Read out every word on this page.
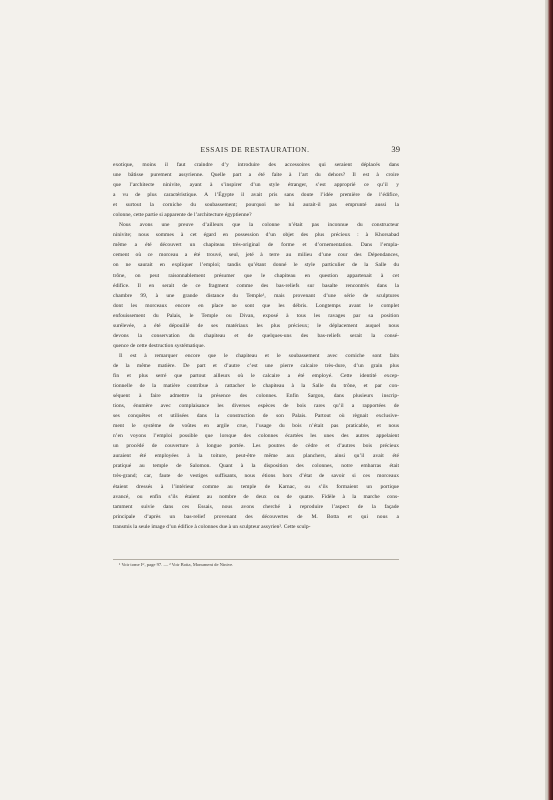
ESSAIS DE RESTAURATION.	39
exotique, moins il faut craindre d’y introduire des accessoires qui seraient déplacés dans
une bâtisse purement assyrienne. Quelle part a été faite à l’art du dehors? Il est à croire
que l’architecte ninivite, ayant à s’inspirer d’un style étranger, s’est approprié ce qu’il y
a vu de plus caractéristique. A l’Égypte il avait pris sans doute l’idée première de l’édifice,
et surtout la corniche du soubassement; pourquoi ne lui aurait-il pas emprunté aussi la
colonne, cette partie si apparente de l’architecture égyptienne?
Nous avons une preuve d’ailleurs que la colonne n’était pas inconnue du constructeur
ninivite; nous sommes à cet égard en possession d’un objet des plus précieux : à Khorsabad
même a été découvert un chapiteau très-original de forme et d’ornementation. Dans l’empla-
cement où ce morceau a été trouvé, seul, jeté à terre au milieu d’une cour des Dépendances,
on ne saurait en expliquer l’emploi; tandis qu’étant donné le style particulier de la Salle du
trône, on peut raisonnablement présumer que le chapiteau en question appartenait à cet
édifice. Il en serait de ce fragment comme des bas-reliefs sur basalte rencontrés dans la
chambre 99, à une grande distance du Temple¹, mais provenant d’une série de sculptures
dont les morceaux encore en place ne sont que les débris. Longtemps avant le complet
enfouissement du Palais, le Temple ou Divan, exposé à tous les ravages par sa position
surélevée, a été dépouillé de ses matériaux les plus précieux; le déplacement auquel nous
devons la conservation du chapiteau et de quelques-uns des bas-reliefs serait la consé-
quence de cette destruction systématique.
Il est à remarquer encore que le chapiteau et le soubassement avec corniche sont faits
de la même matière. De part et d’autre c’est une pierre calcaire très-dure, d’un grain plus
fin et plus serré que partout ailleurs où le calcaire a été employé. Cette identité excep-
tionnelle de la matière contribue à rattacher le chapiteau à la Salle du trône, et par con-
séquent à faire admettre la présence des colonnes. Enfin Sargon, dans plusieurs inscrip-
tions, énumère avec complaisance les diverses espèces de bois rares qu’il a rapportées de
ses conquêtes et utilisées dans la construction de son Palais. Partout où règnait exclusive-
ment le système de voûtes en argile crue, l’usage du bois n’était pas praticable, et nous
n’en voyons l’emploi possible que lorsque des colonnes écartées les unes des autres appelaient
un procédé de couverture à longue portée. Les poutres de cèdre et d’autres bois précieux
auraient été employées à la toiture, peut-être même aux planchers, ainsi qu’il avait été
pratiqué au temple de Salomon. Quant à la disposition des colonnes, notre embarras était
très-grand; car, faute de vestiges suffisants, nous étions hors d’état de savoir si ces morceaux
étaient dressés à l’intérieur comme au temple de Karnac, ou s’ils formaient un portique
avancé, ou enfin s’ils étaient au nombre de deux ou de quatre. Fidèle à la marche cons-
tamment suivie dans ces Essais, nous avons cherché à reproduire l’aspect de la façade
principale d’après un bas-relief provenant des découvertes de M. Botta et qui nous a
transmis la seule image d’un édifice à colonnes due à un sculpteur assyrien². Cette sculp-
¹ Voir tome Iᵉʳ, page 97. — ² Voir Botta, Monument de Ninive.
